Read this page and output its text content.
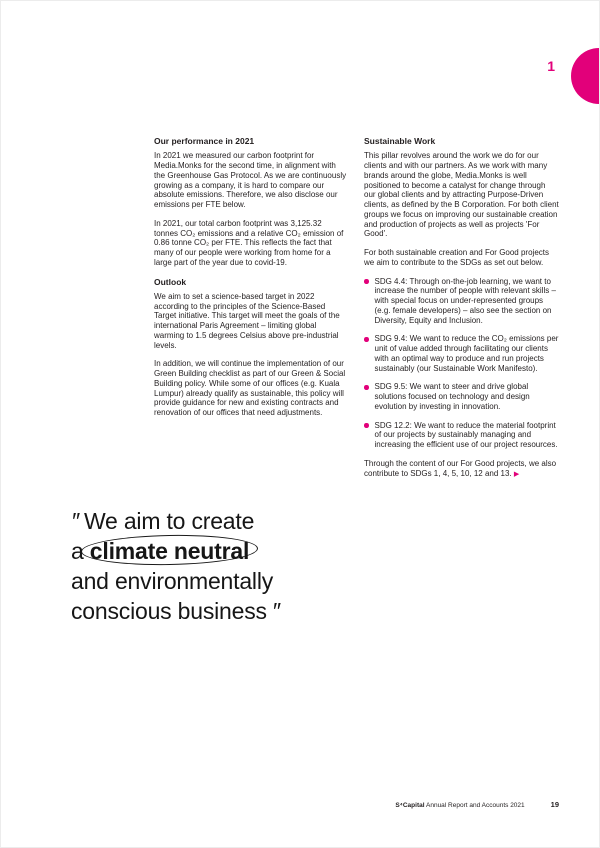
1
Our performance in 2021

In 2021 we measured our carbon footprint for Media.Monks for the second time, in alignment with the Greenhouse Gas Protocol. As we are continuously growing as a company, it is hard to compare our absolute emissions. Therefore, we also disclose our emissions per FTE below.

In 2021, our total carbon footprint was 3,125.32 tonnes CO₂ emissions and a relative CO₂ emission of 0.86 tonne CO₂ per FTE. This reflects the fact that many of our people were working from home for a large part of the year due to covid-19.

Outlook

We aim to set a science-based target in 2022 according to the principles of the Science-Based Target initiative. This target will meet the goals of the international Paris Agreement – limiting global warming to 1.5 degrees Celsius above pre-industrial levels.

In addition, we will continue the implementation of our Green Building checklist as part of our Green & Social Building policy. While some of our offices (e.g. Kuala Lumpur) already qualify as sustainable, this policy will provide guidance for new and existing contracts and renovation of our offices that need adjustments.

Sustainable Work

This pillar revolves around the work we do for our clients and with our partners. As we work with many brands around the globe, Media.Monks is well positioned to become a catalyst for change through our global clients and by attracting Purpose-Driven clients, as defined by the B Corporation. For both client groups we focus on improving our sustainable creation and production of projects as well as projects 'For Good'.

For both sustainable creation and For Good projects we aim to contribute to the SDGs as set out below.

SDG 4.4: Through on-the-job learning, we want to increase the number of people with relevant skills – with special focus on under-represented groups (e.g. female developers) – also see the section on Diversity, Equity and Inclusion.
SDG 9.4: We want to reduce the CO₂ emissions per unit of value added through facilitating our clients with an optimal way to produce and run projects sustainably (our Sustainable Work Manifesto).
SDG 9.5: We want to steer and drive global solutions focused on technology and design evolution by investing in innovation.
SDG 12.2: We want to reduce the material footprint of our projects by sustainably managing and increasing the efficient use of our project resources.

Through the content of our For Good projects, we also contribute to SDGs 1, 4, 5, 10, 12 and 13. ▶

″ We aim to create
a climate neutral
and environmentally
conscious business ″
S⁴Capital Annual Report and Accounts 2021	19
